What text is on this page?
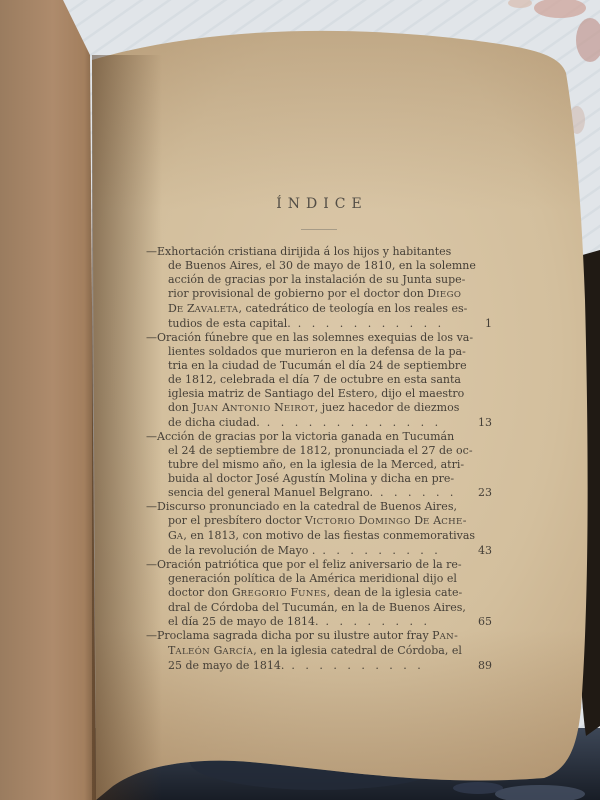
ÍNDICE
—Exhortación cristiana dirijida á los hijos y habitantes
de Buenos Aires, el 30 de mayo de 1810, en la solemne
acción de gracias por la instalación de su Junta supe-
rior provisional de gobierno por el doctor don DIEGO
DE ZAVALETA, catedrático de teología en los reales es-
tudios de esta capital.  .   .   .   .   .   .   .   .   .   .   .	1
—Oración fúnebre que en las solemnes exequias de los va-
lientes soldados que murieron en la defensa de la pa-
tria en la ciudad de Tucumán el día 24 de septiembre
de 1812, celebrada el día 7 de octubre en esta santa
iglesia matriz de Santiago del Estero, dijo el maestro
don JUAN ANTONIO NEIROT, juez hacedor de diezmos
de dicha ciudad.  .   .   .   .   .   .   .   .   .   .   .   .   .	13
—Acción de gracias por la victoria ganada en Tucumán
el 24 de septiembre de 1812, pronunciada el 27 de oc-
tubre del mismo año, en la iglesia de la Merced, atri-
buida al doctor José Agustín Molina y dicha en pre-
sencia del general Manuel Belgrano.  .   .   .   .   .   .	23
—Discurso pronunciado en la catedral de Buenos Aires,
por el presbítero doctor VICTORIO DOMINGO DE ACHE-
GA, en 1813, con motivo de las fiestas conmemorativas
de la revolución de Mayo .  .   .   .   .   .   .   .   .   .	43
—Oración patriótica que por el feliz aniversario de la re-
generación política de la América meridional dijo el
doctor don GREGORIO FUNES, dean de la iglesia cate-
dral de Córdoba del Tucumán, en la de Buenos Aires,
el día 25 de mayo de 1814.  .   .   .   .   .   .   .   .	65
—Proclama sagrada dicha por su ilustre autor fray PAN-
TALEÓN GARCÍA, en la iglesia catedral de Córdoba, el
25 de mayo de 1814.  .   .   .   .   .   .   .   .   .   .	89
